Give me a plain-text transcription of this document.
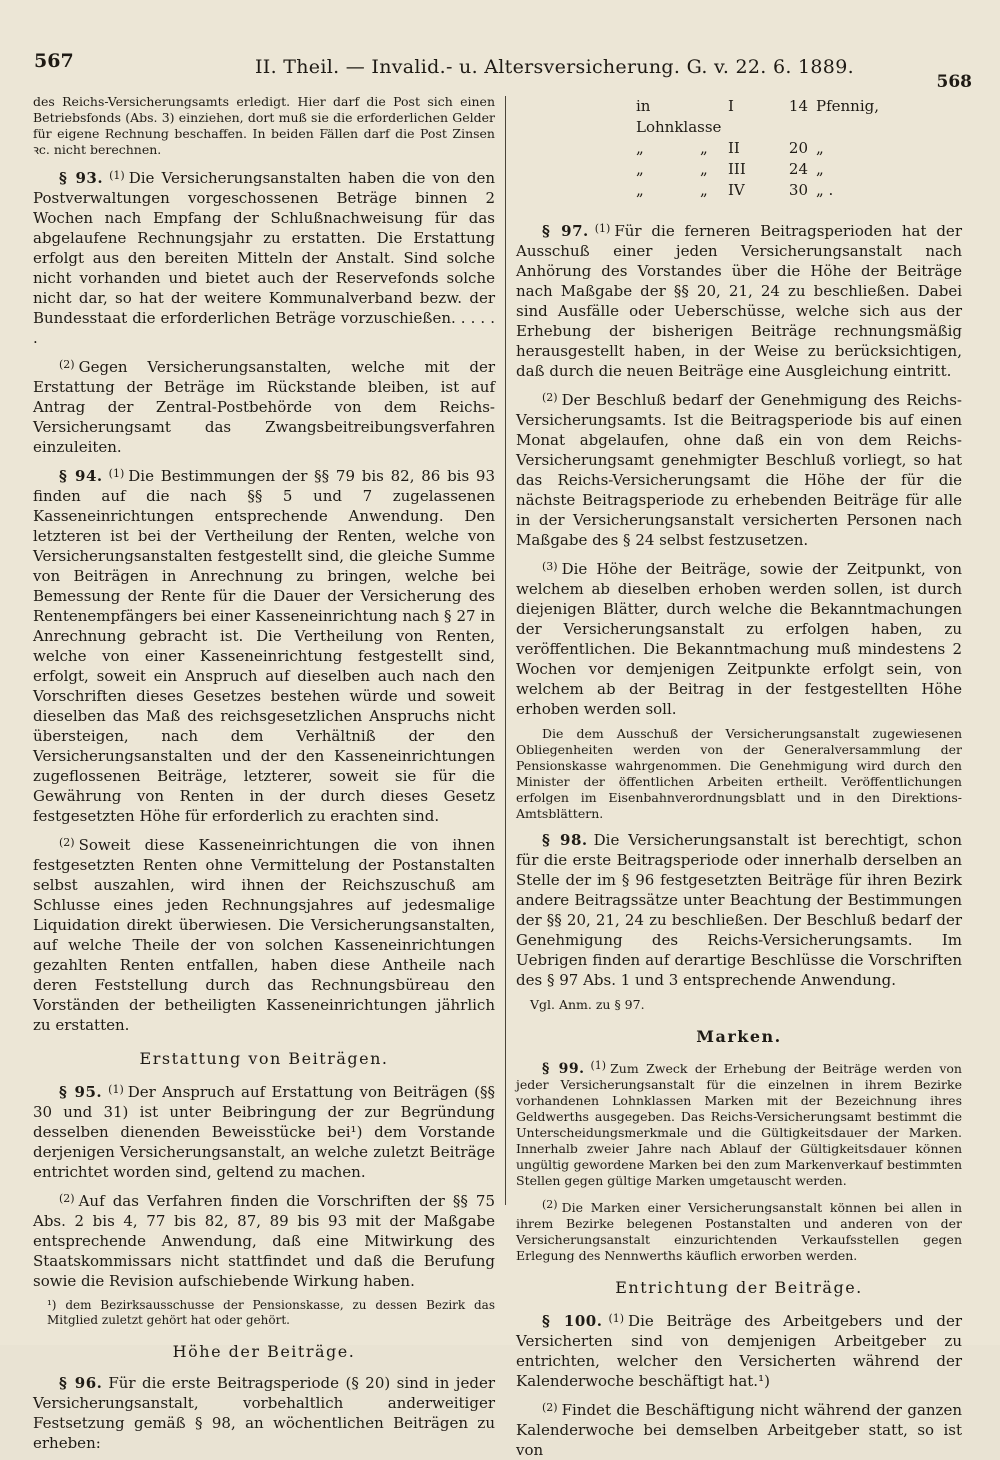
567	II. Theil. — Invalid.- u. Altersversicherung. G. v. 22. 6. 1889.
568

des Reichs-Versicherungsamts erledigt. Hier darf die Post sich einen Betriebsfonds (Abs. 3) einziehen, dort muß sie die erforderlichen Gelder für eigene Rechnung beschaffen. In beiden Fällen darf die Post Zinsen ꝛc. nicht berechnen.

§ 93. $^{(1)}$ Die Versicherungsanstalten haben die von den Postverwaltungen vorgeschossenen Beträge binnen 2 Wochen nach Empfang der Schlußnachweisung für das abgelaufene Rechnungsjahr zu erstatten. Die Erstattung erfolgt aus den bereiten Mitteln der Anstalt. Sind solche nicht vorhanden und bietet auch der Reservefonds solche nicht dar, so hat der weitere Kommunalverband bezw. der Bundesstaat die erforderlichen Beträge vorzuschießen. . . . . .

$^{(2)}$ Gegen Versicherungsanstalten, welche mit der Erstattung der Beträge im Rückstande bleiben, ist auf Antrag der Zentral-Postbehörde von dem Reichs-Versicherungsamt das Zwangsbeitreibungsverfahren einzuleiten.

§ 94. $^{(1)}$ Die Bestimmungen der §§ 79 bis 82, 86 bis 93 finden auf die nach §§ 5 und 7 zugelassenen Kasseneinrichtungen entsprechende Anwendung. Den letzteren ist bei der Vertheilung der Renten, welche von Versicherungsanstalten festgestellt sind, die gleiche Summe von Beiträgen in Anrechnung zu bringen, welche bei Bemessung der Rente für die Dauer der Versicherung des Rentenempfängers bei einer Kasseneinrichtung nach § 27 in Anrechnung gebracht ist. Die Vertheilung von Renten, welche von einer Kasseneinrichtung festgestellt sind, erfolgt, soweit ein Anspruch auf dieselben auch nach den Vorschriften dieses Gesetzes bestehen würde und soweit dieselben das Maß des reichsgesetzlichen Anspruchs nicht übersteigen, nach dem Verhältniß der den Versicherungsanstalten und der den Kasseneinrichtungen zugeflossenen Beiträge, letzterer, soweit sie für die Gewährung von Renten in der durch dieses Gesetz festgesetzten Höhe für erforderlich zu erachten sind.

$^{(2)}$ Soweit diese Kasseneinrichtungen die von ihnen festgesetzten Renten ohne Vermittelung der Postanstalten selbst auszahlen, wird ihnen der Reichszuschuß am Schlusse eines jeden Rechnungsjahres auf jedesmalige Liquidation direkt überwiesen. Die Versicherungsanstalten, auf welche Theile der von solchen Kasseneinrichtungen gezahlten Renten entfallen, haben diese Antheile nach deren Feststellung durch das Rechnungsbüreau den Vorständen der betheiligten Kasseneinrichtungen jährlich zu erstatten.

Erstattung von Beiträgen.

§ 95. $^{(1)}$ Der Anspruch auf Erstattung von Beiträgen (§§ 30 und 31) ist unter Beibringung der zur Begründung desselben dienenden Beweisstücke bei¹) dem Vorstande derjenigen Versicherungsanstalt, an welche zuletzt Beiträge entrichtet worden sind, geltend zu machen.

$^{(2)}$ Auf das Verfahren finden die Vorschriften der §§ 75 Abs. 2 bis 4, 77 bis 82, 87, 89 bis 93 mit der Maßgabe entsprechende Anwendung, daß eine Mitwirkung des Staatskommissars nicht stattfindet und daß die Berufung sowie die Revision aufschiebende Wirkung haben.

¹) dem Bezirksausschusse der Pensionskasse, zu dessen Bezirk das Mitglied zuletzt gehört hat oder gehört.

Höhe der Beiträge.

§ 96. Für die erste Beitragsperiode (§ 20) sind in jeder Versicherungsanstalt, vorbehaltlich anderweitiger Festsetzung gemäß § 98, an wöchentlichen Beiträgen zu erheben:

in Lohnklasse
I	14 Pfennig,
„	„	II	20 „
„	„	III	24 „
„	„	IV	30 „ .

§ 97. $^{(1)}$ Für die ferneren Beitragsperioden hat der Ausschuß einer jeden Versicherungsanstalt nach Anhörung des Vorstandes über die Höhe der Beiträge nach Maßgabe der §§ 20, 21, 24 zu beschließen. Dabei sind Ausfälle oder Ueberschüsse, welche sich aus der Erhebung der bisherigen Beiträge rechnungsmäßig herausgestellt haben, in der Weise zu berücksichtigen, daß durch die neuen Beiträge eine Ausgleichung eintritt.

$^{(2)}$ Der Beschluß bedarf der Genehmigung des Reichs-Versicherungsamts. Ist die Beitragsperiode bis auf einen Monat abgelaufen, ohne daß ein von dem Reichs-Versicherungsamt genehmigter Beschluß vorliegt, so hat das Reichs-Versicherungsamt die Höhe der für die nächste Beitragsperiode zu erhebenden Beiträge für alle in der Versicherungsanstalt versicherten Personen nach Maßgabe des § 24 selbst festzusetzen.

$^{(3)}$ Die Höhe der Beiträge, sowie der Zeitpunkt, von welchem ab dieselben erhoben werden sollen, ist durch diejenigen Blätter, durch welche die Bekanntmachungen der Versicherungsanstalt zu erfolgen haben, zu veröffentlichen. Die Bekanntmachung muß mindestens 2 Wochen vor demjenigen Zeitpunkte erfolgt sein, von welchem ab der Beitrag in der festgestellten Höhe erhoben werden soll.

Die dem Ausschuß der Versicherungsanstalt zugewiesenen Obliegenheiten werden von der Generalversammlung der Pensionskasse wahrgenommen. Die Genehmigung wird durch den Minister der öffentlichen Arbeiten ertheilt. Veröffentlichungen erfolgen im Eisenbahnverordnungsblatt und in den Direktions-Amtsblättern.

§ 98. Die Versicherungsanstalt ist berechtigt, schon für die erste Beitragsperiode oder innerhalb derselben an Stelle der im § 96 festgesetzten Beiträge für ihren Bezirk andere Beitragssätze unter Beachtung der Bestimmungen der §§ 20, 21, 24 zu beschließen. Der Beschluß bedarf der Genehmigung des Reichs-Versicherungsamts. Im Uebrigen finden auf derartige Beschlüsse die Vorschriften des § 97 Abs. 1 und 3 entsprechende Anwendung.

Vgl. Anm. zu § 97.

Marken.

§ 99. (1) Zum Zweck der Erhebung der Beiträge werden von jeder Versicherungsanstalt für die einzelnen in ihrem Bezirke vorhandenen Lohnklassen Marken mit der Bezeichnung ihres Geldwerths ausgegeben. Das Reichs-Versicherungsamt bestimmt die Unterscheidungsmerkmale und die Gültigkeitsdauer der Marken. Innerhalb zweier Jahre nach Ablauf der Gültigkeitsdauer können ungültig gewordene Marken bei den zum Markenverkauf bestimmten Stellen gegen gültige Marken umgetauscht werden.

(2) Die Marken einer Versicherungsanstalt können bei allen in ihrem Bezirke belegenen Postanstalten und anderen von der Versicherungsanstalt einzurichtenden Verkaufsstellen gegen Erlegung des Nennwerths käuflich erworben werden.

Entrichtung der Beiträge.

§ 100. $^{(1)}$ Die Beiträge des Arbeitgebers und der Versicherten sind von demjenigen Arbeitgeber zu entrichten, welcher den Versicherten während der Kalenderwoche beschäftigt hat.¹)

$^{(2)}$ Findet die Beschäftigung nicht während der ganzen Kalenderwoche bei demselben Arbeitgeber statt, so ist von
